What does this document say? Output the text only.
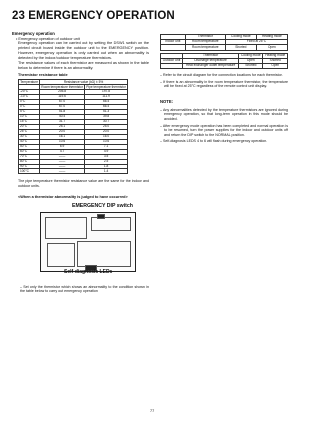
23 EMERGENCY OPERATION
Emergency operation
• Emergency operation of outdoor unit
Emergency operation can be carried out by setting the DSW1 switch on the printed circuit board inside the outdoor unit to the EMERGENCY position. However, emergency operation is only carried out when an abnormality is detected by the indoor/outdoor temperature thermistors.
The resistance values of each thermistor are measured as shown in the table below to determine if there is an abnormality.
Thermistor resistance table
Temperature	Resistance value (kΩ) ± 5%	
	Room temperature thermistor	Pipe temperature thermistor
-20°C	205.8	197.8
-10°C	119.6	111.9
0°C	67.0	66.4
0°C	67.0	66.4
5°C	51.8	51.3
10°C	40.4	39.8
15°C	31.7	30.7
20°C	25.1	25.0
25°C	20.0	20.0
30°C	16.1	16.0
40°C	10.6	10.6
50°C	6.9	7.1
60°C	4.7	4.9
70°C	——	3.5
80°C	——	2.5
90°C	——	1.8
100°C	——	1.4
The pipe temperature thermistor resistance value are the same for the indoor and outdoor units.
<When a thermistor abnormality is judged to have occurred>
EMERGENCY DIP switch
Self-diagnosis LEDs
– Set only the thermistor which shows an abnormality to the condition shown in the table below to carry out emergency operation
	Thermistor	Cooling mode	Heating mode
Indoor unit	Room temperature	Fixed at 25°C	
	Room temperature	Shorted	Open
	Thermistor	Cooling mode	Heating mode
Outdoor unit	Discharge temperature	Open	Shorted
	Heat exchanger outlet temperature	Shorted	Open
– Refer to the circuit diagram for the connection locations for each thermistor.
– If there is an abnormality in the room temperature thermistor, the temperature will be fixed at 25°C regardless of the remote control unit display.
NOTE:
– Any abnormalities detected by the temperature thermistors are ignored during emergency operation, so that long-term operation in this mode should be avoided.
– After emergency mode operation has been completed and normal operation is to be resumed, turn the power supplies for the indoor and outdoor units off and return the DIP switch to the NORMAL position.
– Self-diagnosis LEDS 4 to 6 will flash during emergency operation.
77
